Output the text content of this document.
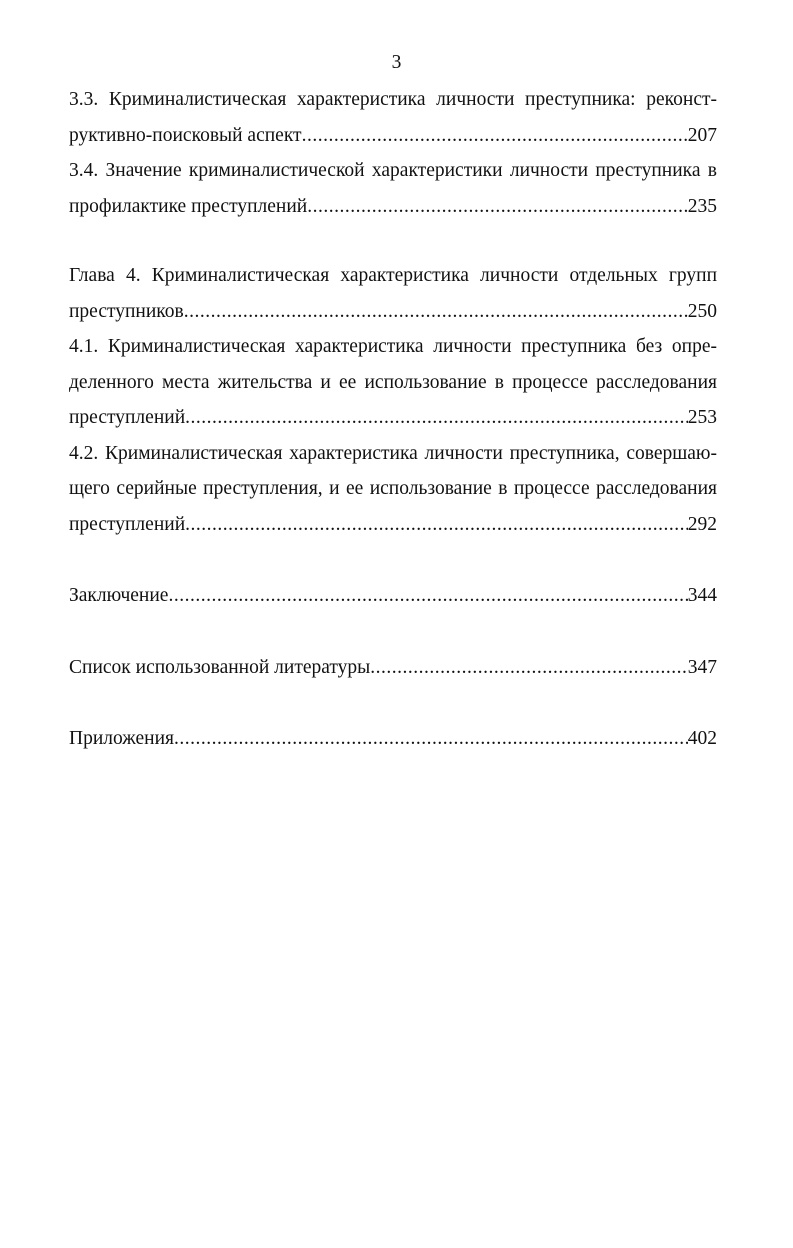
3
3.3. Криминалистическая характеристика личности преступника: реконст-
руктивно-поисковый аспект .....	207
3.4. Значение криминалистической характеристики личности преступника в
профилактике преступлений .....	235
Глава 4. Криминалистическая характеристика личности отдельных групп
преступников .....	250
4.1. Криминалистическая характеристика личности преступника без опре-
деленного места жительства и ее использование в процессе расследования
преступлений .....	253
4.2. Криминалистическая характеристика личности преступника, совершаю-
щего серийные преступления, и ее использование в процессе расследования
преступлений .....	292
Заключение .....	344
Список использованной литературы .....	347
Приложения .....	402
